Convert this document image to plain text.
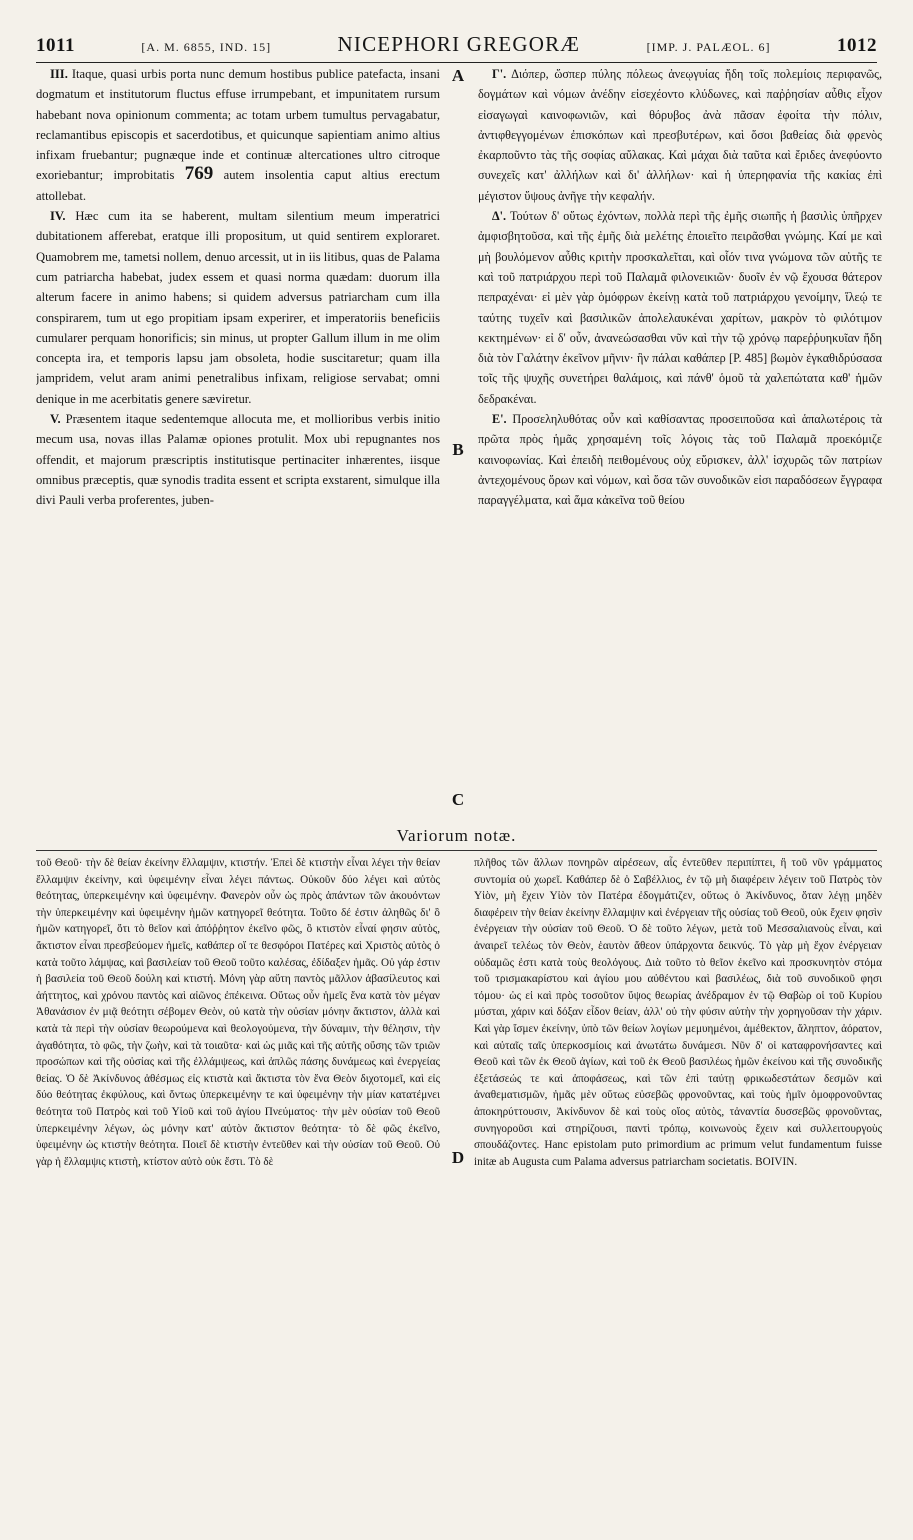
1011	[A. M. 6855, IND. 15]	NICEPHORI GREGORÆ	[IMP. J. PALÆOL. 6]	1012

III. Itaque, quasi urbis porta nunc demum hostibus publice patefacta, insani dogmatum et institutorum fluctus effuse irrumpebant, et impunitatem rursum habebant nova opinionum commenta; ac totam urbem tumultus pervagabatur, reclamantibus episcopis et sacerdotibus, et quicunque sapientiam animo altius infixam fruebantur; pugnæque inde et continuæ altercationes ultro citroque exoriebantur; improbitatis 769 autem insolentia caput altius erectum attollebat.

IV. Hæc cum ita se haberent, multam silentium meum imperatrici dubitationem afferebat, eratque illi propositum, ut quid sentirem exploraret. Quamobrem me, tametsi nollem, denuo arcessit, ut in iis litibus, quas de Palama cum patriarcha habebat, judex essem et quasi norma quædam: duorum illa alterum facere in animo habens; si quidem adversus patriarcham cum illa conspirarem, tum ut ego propitiam ipsam experirer, et imperatoriis beneficiis cumularer perquam honorificis; sin minus, ut propter Gallum illum in me olim concepta ira, et temporis lapsu jam obsoleta, hodie suscitaretur; quam illa jampridem, velut aram animi penetralibus infixam, religiose servabat; omni denique in me acerbitatis genere sæviretur.

V. Præsentem itaque sedentemque allocuta me, et mollioribus verbis initio mecum usa, novas illas Palamæ opiones protulit. Mox ubi repugnantes nos offendit, et majorum præscriptis institutisque pertinaciter inhærentes, iisque omnibus præceptis, quæ synodis tradita essent et scripta exstarent, simulque illa divi Pauli verba proferentes, juben-

A
B
C
D

Γ'. Διόπερ, ὥσπερ πύλης πόλεως ἀνεῳγυίας ἤδη τοῖς πολεμίοις περιφανῶς, δογμάτων καὶ νόμων ἀνέδην εἰσεχέοντο κλύδωνες, καὶ παῤῥησίαν αὖθις εἶχον εἰσαγωγαὶ καινοφωνιῶν, καὶ θόρυβος ἀνὰ πᾶσαν ἐφοίτα τὴν πόλιν, ἀντιφθεγγομένων ἐπισκόπων καὶ πρεσβυτέρων, καὶ ὅσοι βαθείας διὰ φρενὸς ἐκαρποῦντο τὰς τῆς σοφίας αὔλακας. Καὶ μάχαι διὰ ταῦτα καὶ ἔριδες ἀνεφύοντο συνεχεῖς κατ' ἀλλήλων καὶ δι' ἀλλήλων· καὶ ἡ ὑπερηφανία τῆς κακίας ἐπὶ μέγιστον ὕψους ἀνῆγε τὴν κεφαλήν.

Δ'. Τούτων δ' οὕτως ἐχόντων, πολλὰ περὶ τῆς ἐμῆς σιωπῆς ἡ βασιλὶς ὑπῆρχεν ἀμφισβητοῦσα, καὶ τῆς ἐμῆς διὰ μελέτης ἐποιεῖτο πειρᾶσθαι γνώμης. Καί με καὶ μὴ βουλόμενον αὖθις κριτὴν προσκαλεῖται, καὶ οἷόν τινα γνώμονα τῶν αὐτῆς τε καὶ τοῦ πατριάρχου περὶ τοῦ Παλαμᾶ φιλονεικιῶν· δυοῖν ἐν νῷ ἔχουσα θάτερον πεπραχέναι· εἰ μὲν γὰρ ὁμόφρων ἐκείνῃ κατὰ τοῦ πατριάρχου γενοίμην, ἵλεῴ τε ταύτης τυχεῖν καὶ βασιλικῶν ἀπολελαυκέναι χαρίτων, μακρὸν τὸ φιλότιμον κεκτημένων· εἰ δ' οὖν, ἀνανεώσασθαι νῦν καὶ τὴν τῷ χρόνῳ παρεῤῥυηκυῖαν ἤδη διὰ τὸν Γαλάτην ἐκεῖνον μῆνιν· ἣν πάλαι καθάπερ [P. 485] βωμὸν ἐγκαθιδρύσασα τοῖς τῆς ψυχῆς συνετήρει θαλάμοις, καὶ πάνθ' ὁμοῦ τὰ χαλεπώτατα καθ' ἡμῶν δεδρακέναι.

Ε'. Προσεληλυθότας οὖν καὶ καθίσαντας προσειποῦσα καὶ ἁπαλωτέροις τὰ πρῶτα πρὸς ἡμᾶς χρησαμένη τοῖς λόγοις τὰς τοῦ Παλαμᾶ προεκόμιζε καινοφωνίας. Καὶ ἐπειδὴ πειθομένους οὐχ εὕρισκεν, ἀλλ' ἰσχυρῶς τῶν πατρίων ἀντεχομένους ὅρων καὶ νόμων, καὶ ὅσα τῶν συνοδικῶν εἰσι παραδόσεων ἔγγραφα παραγγέλματα, καὶ ἅμα κἀκεῖνα τοῦ θείου

Variorum notæ.

τοῦ Θεοῦ· τὴν δὲ θείαν ἐκείνην ἔλλαμψιν, κτιστήν. Ἐπεὶ δὲ κτιστὴν εἶναι λέγει τὴν θείαν ἔλλαμψιν ἐκείνην, καὶ ὑφειμένην εἶναι λέγει πάντως. Οὐκοῦν δύο λέγει καὶ αὐτὸς θεότητας, ὑπερκειμένην καὶ ὑφειμένην. Φανερὸν οὖν ὡς πρὸς ἁπάντων τῶν ἀκουόντων τὴν ὑπερκειμένην καὶ ὑφειμένην ἡμῶν κατηγορεῖ θεότητα. Τοῦτο δέ ἐστιν ἀληθῶς δι' ὃ ἡμῶν κατηγορεῖ, ὅτι τὸ θεῖον καὶ ἀπόῤῥητον ἐκεῖνο φῶς, ὃ κτιστὸν εἶναί φησιν αὐτὸς, ἄκτιστον εἶναι πρεσβεύομεν ἡμεῖς, καθάπερ οἵ τε θεσφόροι Πατέρες καὶ Χριστὸς αὐτὸς ὁ κατὰ τοῦτο λάμψας, καὶ βασιλείαν τοῦ Θεοῦ τοῦτο καλέσας, ἐδίδαξεν ἡμᾶς. Οὐ γάρ ἐστιν ἡ βασιλεία τοῦ Θεοῦ δούλη καὶ κτιστή. Μόνη γὰρ αὕτη παντὸς μᾶλλον ἀβασίλευτος καὶ ἀήττητος, καὶ χρόνου παντὸς καὶ αἰῶνος ἐπέκεινα. Οὕτως οὖν ἡμεῖς ἕνα κατὰ τὸν μέγαν Ἀθανάσιον ἐν μιᾷ θεότητι σέβομεν Θεὸν, οὐ κατὰ τὴν οὐσίαν μόνην ἄκτιστον, ἀλλὰ καὶ κατὰ τὰ περὶ τὴν οὐσίαν θεωρούμενα καὶ θεολογούμενα, τὴν δύναμιν, τὴν θέλησιν, τὴν ἀγαθότητα, τὸ φῶς, τὴν ζωὴν, καὶ τὰ τοιαῦτα· καὶ ὡς μιᾶς καὶ τῆς αὐτῆς οὔσης τῶν τριῶν προσώπων καὶ τῆς οὐσίας καὶ τῆς ἐλλάμψεως, καὶ ἁπλῶς πάσης δυνάμεως καὶ ἐνεργείας θείας. Ὁ δὲ Ἀκίνδυνος ἀθέσμως εἰς κτιστὰ καὶ ἄκτιστα τὸν ἕνα Θεὸν διχοτομεῖ, καὶ εἰς δύο θεότητας ἐκφύλους, καὶ ὄντως ὑπερκειμένην τε καὶ ὑφειμένην τὴν μίαν κατατέμνει θεότητα τοῦ Πατρὸς καὶ τοῦ Υἱοῦ καὶ τοῦ ἁγίου Πνεύματος· τὴν μὲν οὐσίαν τοῦ Θεοῦ ὑπερκειμένην λέγων, ὡς μόνην κατ' αὐτὸν ἄκτιστον θεότητα· τὸ δὲ φῶς ἐκεῖνο, ὑφειμένην ὡς κτιστὴν θεότητα. Ποιεῖ δὲ κτιστὴν ἐντεῦθεν καὶ τὴν οὐσίαν τοῦ Θεοῦ. Οὐ γὰρ ἡ ἔλλαμψις κτιστὴ, κτίστον αὐτὸ οὐκ ἔστι. Τὸ δὲ

πλῆθος τῶν ἄλλων πονηρῶν αἱρέσεων, αἷς ἐντεῦθεν περιπίπτει, ἢ τοῦ νῦν γράμματος συντομία οὐ χωρεῖ. Καθάπερ δὲ ὁ Σαβέλλιος, ἐν τῷ μὴ διαφέρειν λέγειν τοῦ Πατρὸς τὸν Υἱὸν, μὴ ἔχειν Υἱὸν τὸν Πατέρα ἐδογμάτιζεν, οὕτως ὁ Ἀκίνδυνος, ὅταν λέγῃ μηδὲν διαφέρειν τὴν θείαν ἐκείνην ἔλλαμψιν καὶ ἐνέργειαν τῆς οὐσίας τοῦ Θεοῦ, οὐκ ἔχειν φησὶν ἐνέργειαν τὴν οὐσίαν τοῦ Θεοῦ. Ὁ δὲ τοῦτο λέγων, μετὰ τοῦ Μεσσαλιανοὺς εἶναι, καὶ ἀναιρεῖ τελέως τὸν Θεὸν, ἑαυτὸν ἄθεον ὑπάρχοντα δεικνύς. Τὸ γὰρ μὴ ἔχον ἐνέργειαν οὐδαμῶς ἐστι κατὰ τοὺς θεολόγους. Διὰ τοῦτο τὸ θεῖον ἐκεῖνο καὶ προσκυνητὸν στόμα τοῦ τρισμακαρίστου καὶ ἁγίου μου αὐθέντου καὶ βασιλέως, διὰ τοῦ συνοδικοῦ φησι τόμου· ὡς εἰ καὶ πρὸς τοσοῦτον ὕψος θεωρίας ἀνέδραμον ἐν τῷ Θαβὼρ οἱ τοῦ Κυρίου μύσται, χάριν καὶ δόξαν εἶδον θείαν, ἀλλ' οὐ τὴν φύσιν αὐτὴν τὴν χορηγοῦσαν τὴν χάριν. Καὶ γὰρ ἴσμεν ἐκείνην, ὑπὸ τῶν θείων λογίων μεμυημένοι, ἀμέθεκτον, ἄληπτον, ἀόρατον, καὶ αὐταῖς ταῖς ὑπερκοσμίοις καὶ ἀνωτάτω δυνάμεσι. Νῦν δ' οἱ καταφρονήσαντες καὶ Θεοῦ καὶ τῶν ἐκ Θεοῦ ἁγίων, καὶ τοῦ ἐκ Θεοῦ βασιλέως ἡμῶν ἐκείνου καὶ τῆς συνοδικῆς ἐξετάσεώς τε καὶ ἀποφάσεως, καὶ τῶν ἐπὶ ταύτῃ φρικωδεστάτων δεσμῶν καὶ ἀναθεματισμῶν, ἡμᾶς μὲν οὕτως εὐσεβῶς φρονοῦντας, καὶ τοὺς ἡμῖν ὁμοφρονοῦντας ἀποκηρύττουσιν, Ἀκίνδυνον δὲ καὶ τοὺς οἵος αὐτὸς, τἀναντία δυσσεβῶς φρονοῦντας, συνηγοροῦσι καὶ στηρίζουσι, παντὶ τρόπῳ, κοινωνοὺς ἔχειν καὶ συλλειτουργοὺς σπουδάζοντες. Hanc epistolam puto primordium ac primum velut fundamentum fuisse initæ ab Augusta cum Palama adversus patriarcham societatis. BOIVIN.
